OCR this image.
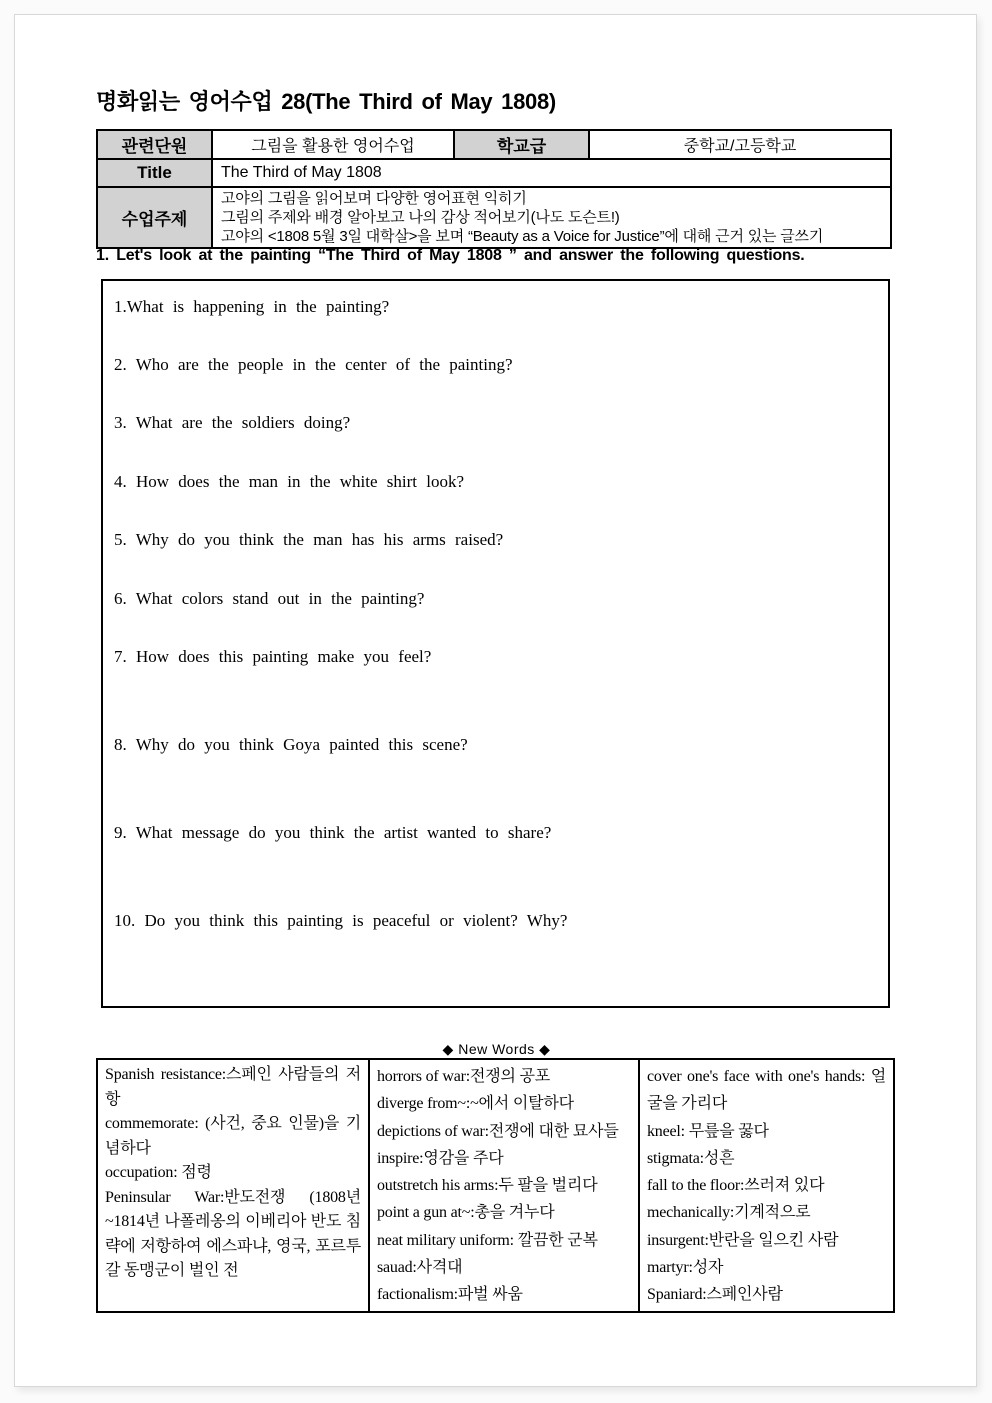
명화읽는 영어수업 28(The Third of May 1808)
관련단원	그림을 활용한 영어수업	학교급	중학교/고등학교
Title	The Third of May 1808		
수업주제	고야의 그림을 읽어보며 다양한 영어표현 익히기
그림의 주제와 배경 알아보고 나의 감상 적어보기(나도 도슨트!)
고야의 <1808 5월 3일 대학살>을 보며 “Beauty as a Voice for Justice”에 대해 근거 있는 글쓰기		
1. Let's look at the painting “The Third of May 1808 ” and answer the following questions.
1.What is happening in the painting?
2. Who are the people in the center of the painting?
3. What are the soldiers doing?
4. How does the man in the white shirt look?
5. Why do you think the man has his arms raised?
6. What colors stand out in the painting?
7. How does this painting make you feel?
8. Why do you think Goya painted this scene?
9. What message do you think the artist wanted to share?
10. Do you think this painting is peaceful or violent? Why?
◆ New Words ◆
Spanish resistance:스페인 사람들의 저항
commemorate: (사건, 중요 인물)을 기념하다
occupation: 점령
Peninsular War:반도전쟁 (1808년 ~1814년 나폴레옹의 이베리아 반도 침략에 저항하여 에스파냐, 영국, 포르투갈 동맹군이 벌인 전

horrors of war:전쟁의 공포
diverge from~:~에서 이탈하다
depictions of war:전쟁에 대한 묘사들
inspire:영감을 주다
outstretch his arms:두 팔을 벌리다
point a gun at~:총을 겨누다
neat military uniform: 깔끔한 군복
sauad:사격대
factionalism:파벌 싸움

cover one's face with one's hands: 얼굴을 가리다
kneel: 무릎을 꿇다
stigmata:성흔
fall to the floor:쓰러져 있다
mechanically:기계적으로
insurgent:반란을 일으킨 사람
martyr:성자
Spaniard:스페인사람
